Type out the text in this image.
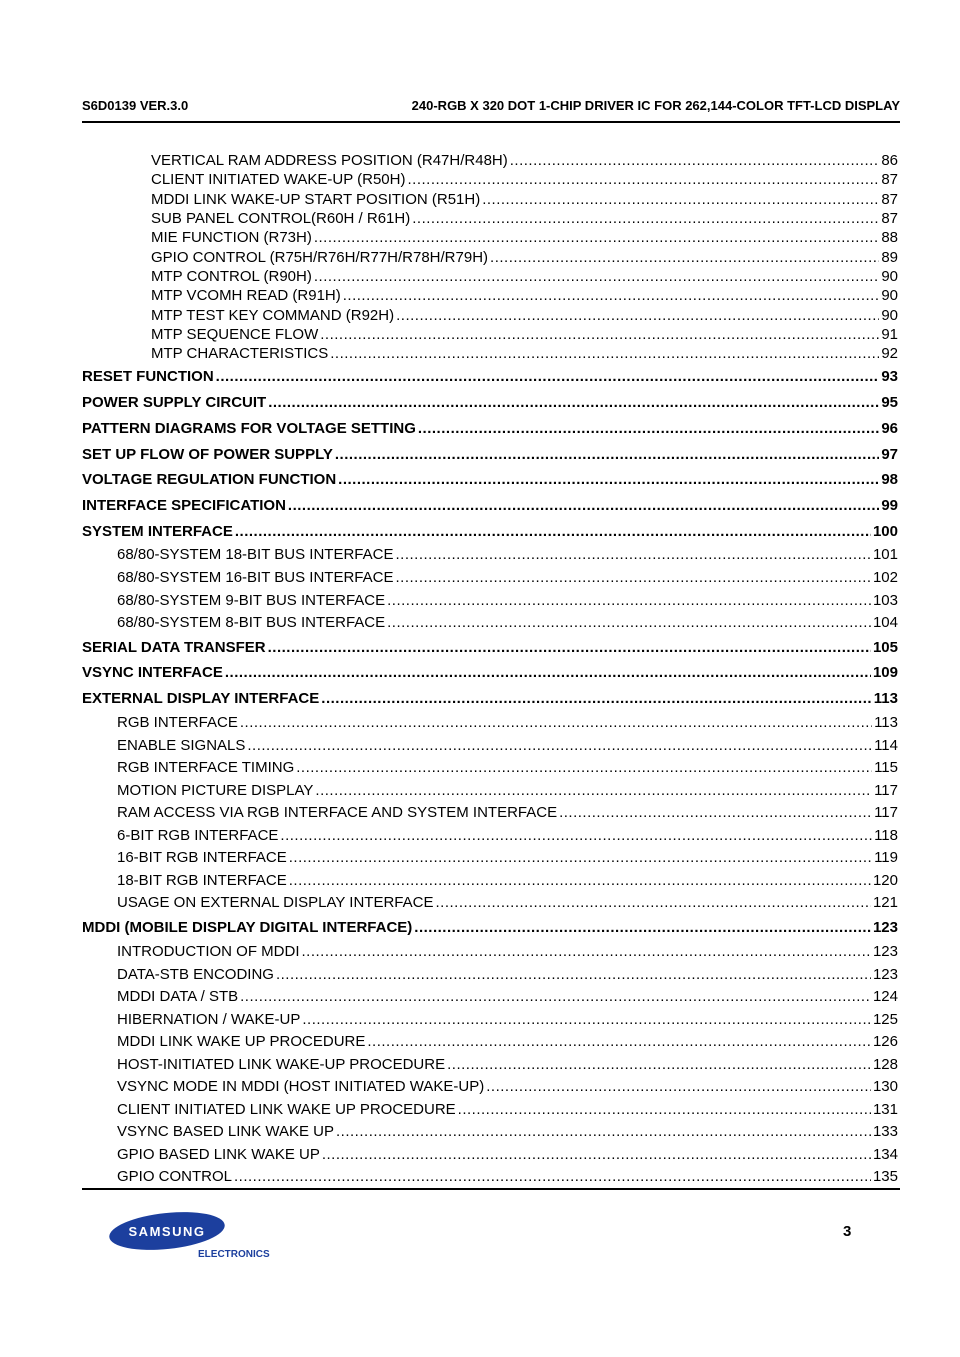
S6D0139 VER.3.0	240-RGB X 320 DOT 1-CHIP DRIVER IC FOR 262,144-COLOR TFT-LCD DISPLAY
VERTICAL RAM ADDRESS POSITION (R47H/R48H) .....	86
CLIENT INITIATED WAKE-UP (R50H) .....	87
MDDI LINK WAKE-UP START POSITION (R51H) .....	87
SUB PANEL CONTROL(R60H / R61H) .....	87
MIE FUNCTION (R73H) .....	88
GPIO CONTROL (R75H/R76H/R77H/R78H/R79H) .....	89
MTP CONTROL (R90H) .....	90
MTP VCOMH READ (R91H) .....	90
MTP TEST KEY COMMAND (R92H) .....	90
MTP SEQUENCE FLOW .....	91
MTP CHARACTERISTICS .....	92
RESET FUNCTION .....	93
POWER SUPPLY CIRCUIT .....	95
PATTERN DIAGRAMS FOR VOLTAGE SETTING .....	96
SET UP FLOW OF POWER SUPPLY .....	97
VOLTAGE REGULATION FUNCTION .....	98
INTERFACE SPECIFICATION .....	99
SYSTEM INTERFACE .....	100
68/80-SYSTEM 18-BIT BUS INTERFACE .....	101
68/80-SYSTEM 16-BIT BUS INTERFACE .....	102
68/80-SYSTEM 9-BIT BUS INTERFACE .....	103
68/80-SYSTEM 8-BIT BUS INTERFACE .....	104
SERIAL DATA TRANSFER .....	105
VSYNC INTERFACE .....	109
EXTERNAL DISPLAY INTERFACE .....	113
RGB INTERFACE .....	113
ENABLE SIGNALS .....	114
RGB INTERFACE TIMING .....	115
MOTION PICTURE DISPLAY .....	117
RAM ACCESS VIA RGB INTERFACE AND SYSTEM INTERFACE .....	117
6-BIT RGB INTERFACE .....	118
16-BIT RGB INTERFACE .....	119
18-BIT RGB INTERFACE .....	120
USAGE ON EXTERNAL DISPLAY INTERFACE .....	121
MDDI (MOBILE DISPLAY DIGITAL INTERFACE) .....	123
INTRODUCTION OF MDDI .....	123
DATA-STB ENCODING .....	123
MDDI DATA / STB .....	124
HIBERNATION / WAKE-UP .....	125
MDDI LINK WAKE UP PROCEDURE .....	126
HOST-INITIATED LINK WAKE-UP PROCEDURE .....	128
VSYNC MODE IN MDDI (HOST INITIATED WAKE-UP) .....	130
CLIENT INITIATED LINK WAKE UP PROCEDURE .....	131
VSYNC BASED LINK WAKE UP .....	133
GPIO BASED LINK WAKE UP .....	134
GPIO CONTROL .....	135
SAMSUNG
ELECTRONICS
3
